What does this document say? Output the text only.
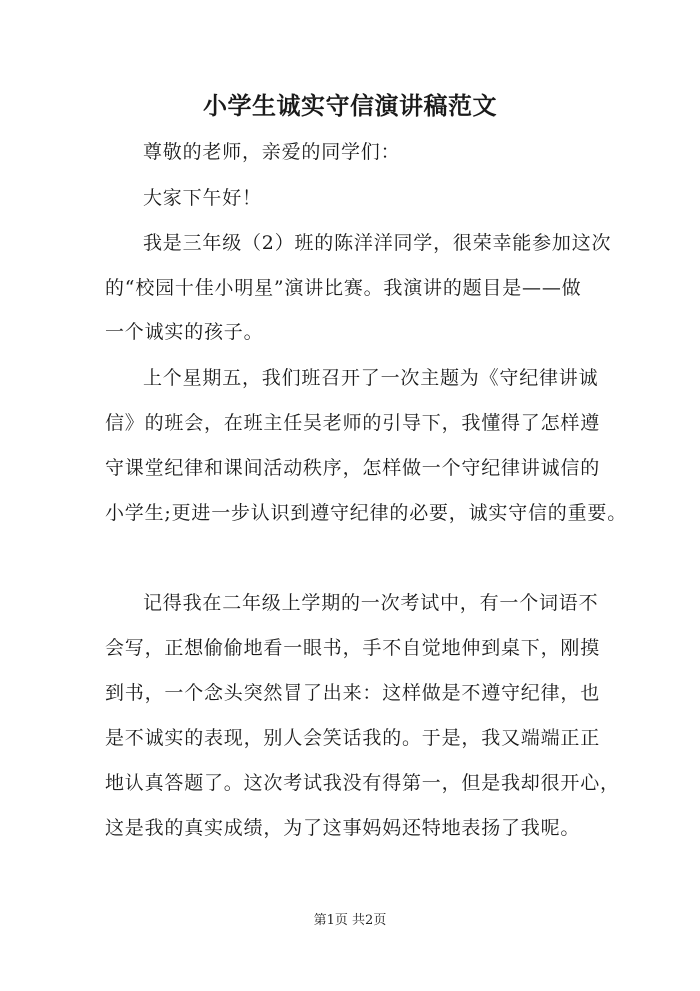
小学生诚实守信演讲稿范文
尊敬的老师，亲爱的同学们：
大家下午好！
我是三年级（2）班的陈洋洋同学，很荣幸能参加这次
的“校园十佳小明星”演讲比赛。我演讲的题目是——做
一个诚实的孩子。
上个星期五，我们班召开了一次主题为《守纪律讲诚
信》的班会，在班主任吴老师的引导下，我懂得了怎样遵
守课堂纪律和课间活动秩序，怎样做一个守纪律讲诚信的
小学生;更进一步认识到遵守纪律的必要，诚实守信的重要。
记得我在二年级上学期的一次考试中，有一个词语不
会写，正想偷偷地看一眼书，手不自觉地伸到桌下，刚摸
到书，一个念头突然冒了出来：这样做是不遵守纪律，也
是不诚实的表现，别人会笑话我的。于是，我又端端正正
地认真答题了。这次考试我没有得第一，但是我却很开心，
这是我的真实成绩，为了这事妈妈还特地表扬了我呢。
第1页 共2页
